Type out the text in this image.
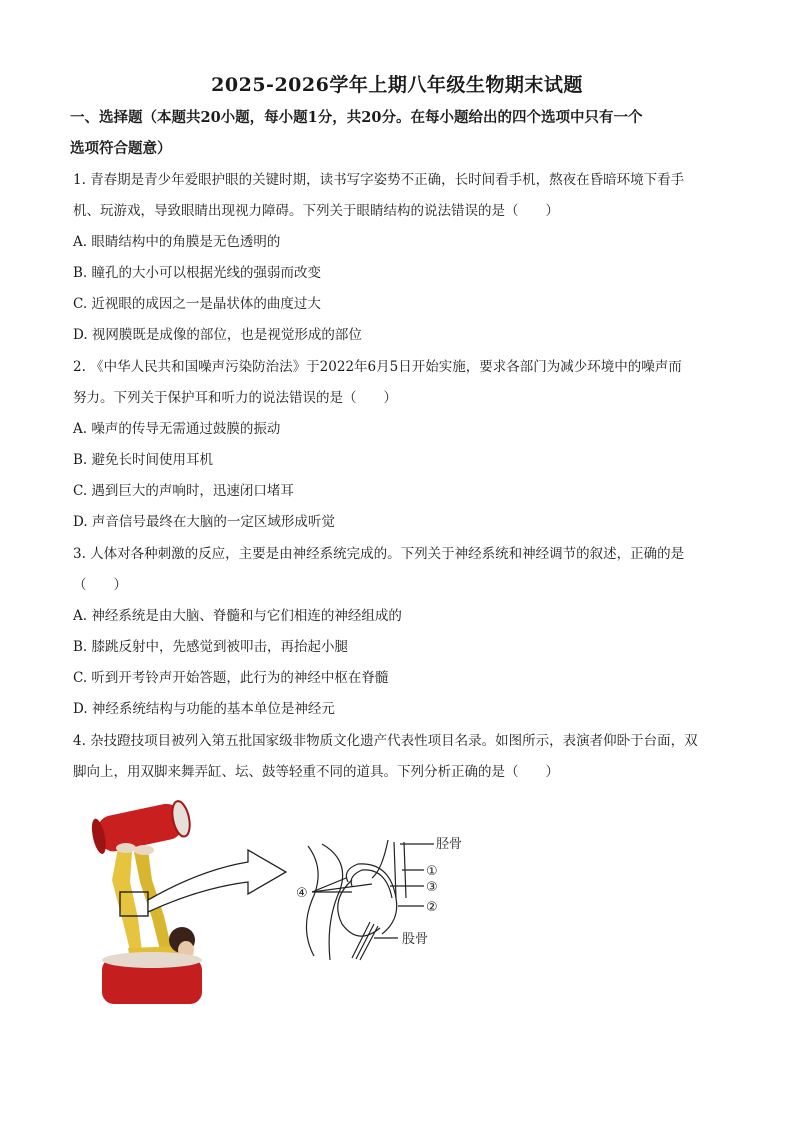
2025-2026学年上期八年级生物期末试题
一、选择题（本题共20小题，每小题1分，共20分。在每小题给出的四个选项中只有一个
选项符合题意）
1. 青春期是青少年爱眼护眼的关键时期，读书写字姿势不正确，长时间看手机，熬夜在昏暗环境下看手
机、玩游戏，导致眼睛出现视力障碍。下列关于眼睛结构的说法错误的是（　　）
A. 眼睛结构中的角膜是无色透明的
B. 瞳孔的大小可以根据光线的强弱而改变
C. 近视眼的成因之一是晶状体的曲度过大
D. 视网膜既是成像的部位，也是视觉形成的部位
2. 《中华人民共和国噪声污染防治法》于2022年6月5日开始实施，要求各部门为减少环境中的噪声而
努力。下列关于保护耳和听力的说法错误的是（　　）
A. 噪声的传导无需通过鼓膜的振动
B. 避免长时间使用耳机
C. 遇到巨大的声响时，迅速闭口堵耳
D. 声音信号最终在大脑的一定区域形成听觉
3. 人体对各种刺激的反应，主要是由神经系统完成的。下列关于神经系统和神经调节的叙述，正确的是
（　　）
A. 神经系统是由大脑、脊髓和与它们相连的神经组成的
B. 膝跳反射中，先感觉到被叩击，再抬起小腿
C. 听到开考铃声开始答题，此行为的神经中枢在脊髓
D. 神经系统结构与功能的基本单位是神经元
4. 杂技蹬技项目被列入第五批国家级非物质文化遗产代表性项目名录。如图所示，表演者仰卧于台面，双
脚向上，用双脚来舞弄缸、坛、鼓等轻重不同的道具。下列分析正确的是（　　）
胫骨
①
③
②
④
股骨
